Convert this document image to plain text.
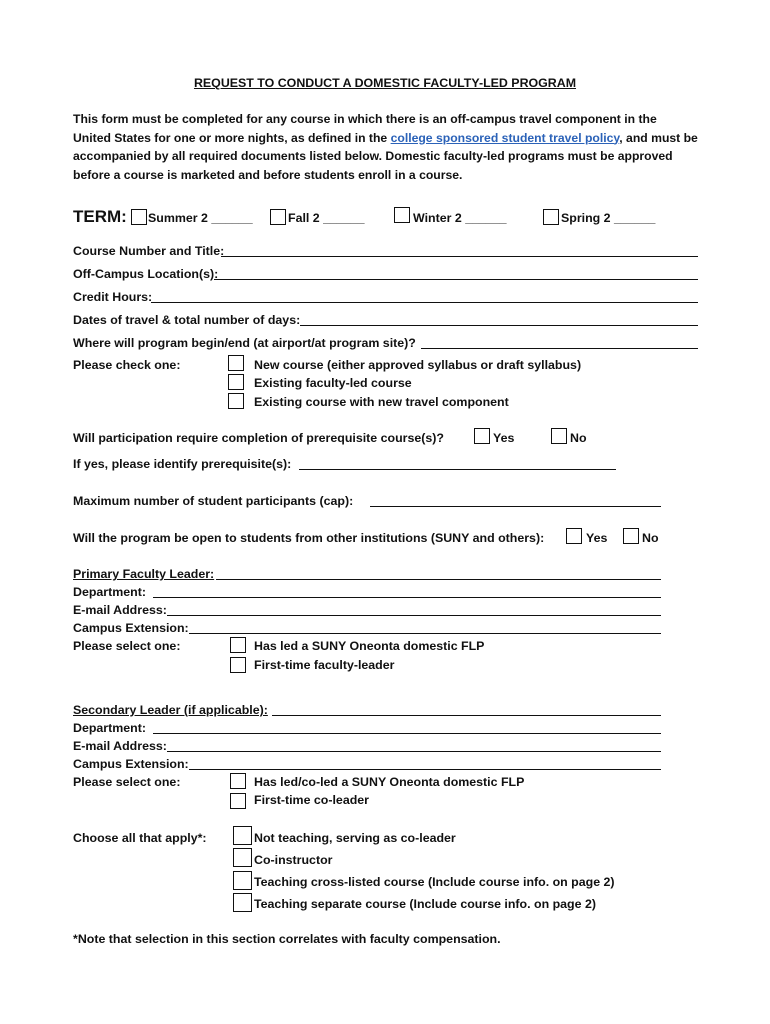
REQUEST TO CONDUCT A DOMESTIC FACULTY-LED PROGRAM
This form must be completed for any course in which there is an off-campus travel component in the United States for one or more nights, as defined in the college sponsored student travel policy, and must be accompanied by all required documents listed below. Domestic faculty-led programs must be approved before a course is marketed and before students enroll in a course.
TERM: Summer 2 ______	Fall 2 ______	Winter 2 ______	Spring 2 ______
Course Number and Title:
Off-Campus Location(s):
Credit Hours:
Dates of travel & total number of days:
Where will program begin/end (at airport/at program site)?
Please check one:	New course (either approved syllabus or draft syllabus)
Existing faculty-led course
Existing course with new travel component
Will participation require completion of prerequisite course(s)?	Yes	No
If yes, please identify prerequisite(s):
Maximum number of student participants (cap):
Will the program be open to students from other institutions (SUNY and others):	Yes	No
Primary Faculty Leader:
Department:
E-mail Address:
Campus Extension:
Please select one:	Has led a SUNY Oneonta domestic FLP
First-time faculty-leader
Secondary Leader (if applicable):
Department:
E-mail Address:
Campus Extension:
Please select one:	Has led/co-led a SUNY Oneonta domestic FLP
First-time co-leader
Choose all that apply*:	Not teaching, serving as co-leader
Co-instructor
Teaching cross-listed course (Include course info. on page 2)
Teaching separate course (Include course info. on page 2)
*Note that selection in this section correlates with faculty compensation.
